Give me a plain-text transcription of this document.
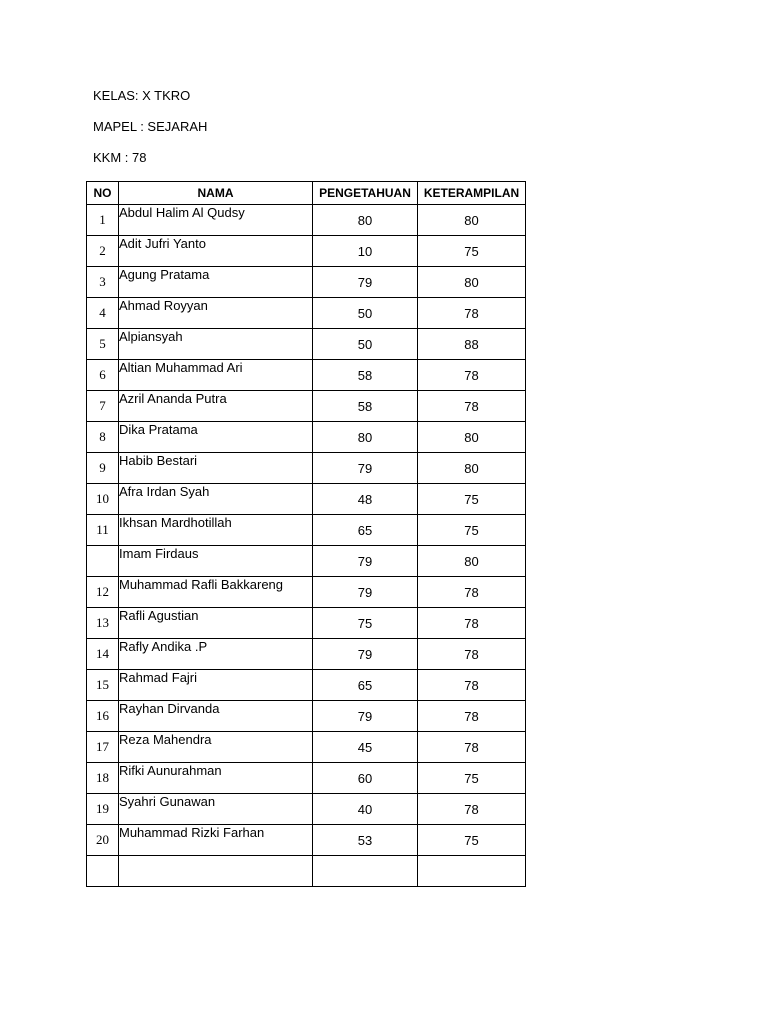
KELAS: X TKRO
MAPEL : SEJARAH
KKM : 78
NO	NAMA	PENGETAHUAN	KETERAMPILAN
1	Abdul Halim Al Qudsy	80	80
2	Adit Jufri Yanto	10	75
3	Agung Pratama	79	80
4	Ahmad Royyan	50	78
5	Alpiansyah	50	88
6	Altian Muhammad Ari	58	78
7	Azril Ananda Putra	58	78
8	Dika Pratama	80	80
9	Habib Bestari	79	80
10	Afra Irdan Syah	48	75
11	Ikhsan Mardhotillah	65	75
	Imam Firdaus	79	80
12	Muhammad Rafli Bakkareng	79	78
13	Rafli Agustian	75	78
14	Rafly Andika .P	79	78
15	Rahmad Fajri	65	78
16	Rayhan Dirvanda	79	78
17	Reza Mahendra	45	78
18	Rifki Aunurahman	60	75
19	Syahri Gunawan	40	78
20	Muhammad Rizki Farhan	53	75
